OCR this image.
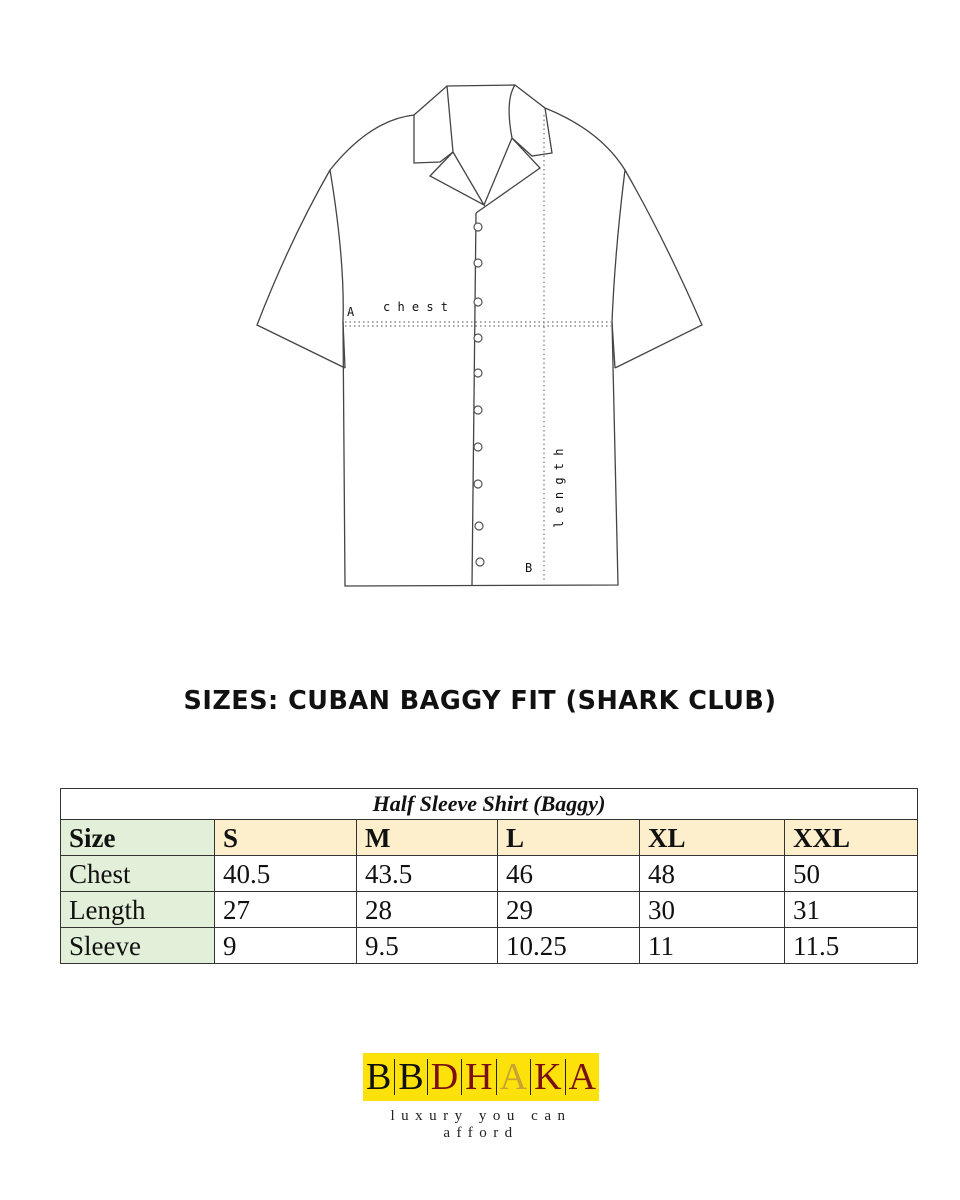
A c h e s t
B
l e n g t h
SIZES: CUBAN BAGGY FIT (SHARK CLUB)
Half Sleeve Shirt (Baggy)					
Size	S	M	L	XL	XXL
Chest	40.5	43.5	46	48	50
Length	27	28	29	30	31
Sleeve	9	9.5	10.25	11	11.5
B B D H A K A
luxury you can afford
